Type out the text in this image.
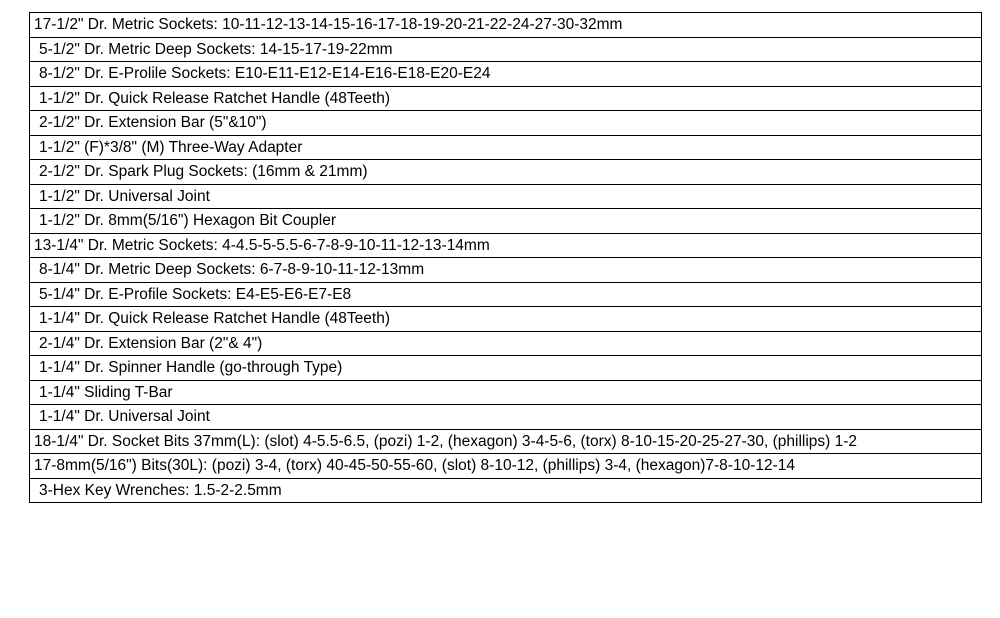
17-1/2" Dr. Metric Sockets: 10-11-12-13-14-15-16-17-18-19-20-21-22-24-27-30-32mm
5-1/2" Dr. Metric Deep Sockets: 14-15-17-19-22mm
8-1/2" Dr. E-Prolile Sockets: E10-E11-E12-E14-E16-E18-E20-E24
1-1/2" Dr. Quick Release Ratchet Handle (48Teeth)
2-1/2" Dr. Extension Bar (5"&10")
1-1/2" (F)*3/8" (M) Three-Way Adapter
2-1/2" Dr. Spark Plug Sockets: (16mm & 21mm)
1-1/2" Dr. Universal Joint
1-1/2" Dr. 8mm(5/16") Hexagon Bit Coupler
13-1/4" Dr. Metric Sockets: 4-4.5-5-5.5-6-7-8-9-10-11-12-13-14mm
8-1/4" Dr. Metric Deep Sockets: 6-7-8-9-10-11-12-13mm
5-1/4" Dr. E-Profile Sockets: E4-E5-E6-E7-E8
1-1/4" Dr. Quick Release Ratchet Handle (48Teeth)
2-1/4" Dr. Extension Bar (2"& 4")
1-1/4" Dr. Spinner Handle (go-through Type)
1-1/4" Sliding T-Bar
1-1/4" Dr. Universal Joint
18-1/4" Dr. Socket Bits 37mm(L): (slot) 4-5.5-6.5, (pozi) 1-2, (hexagon) 3-4-5-6, (torx) 8-10-15-20-25-27-30, (phillips) 1-2
17-8mm(5/16") Bits(30L): (pozi) 3-4, (torx) 40-45-50-55-60, (slot) 8-10-12, (phillips) 3-4, (hexagon)7-8-10-12-14
3-Hex Key Wrenches: 1.5-2-2.5mm
